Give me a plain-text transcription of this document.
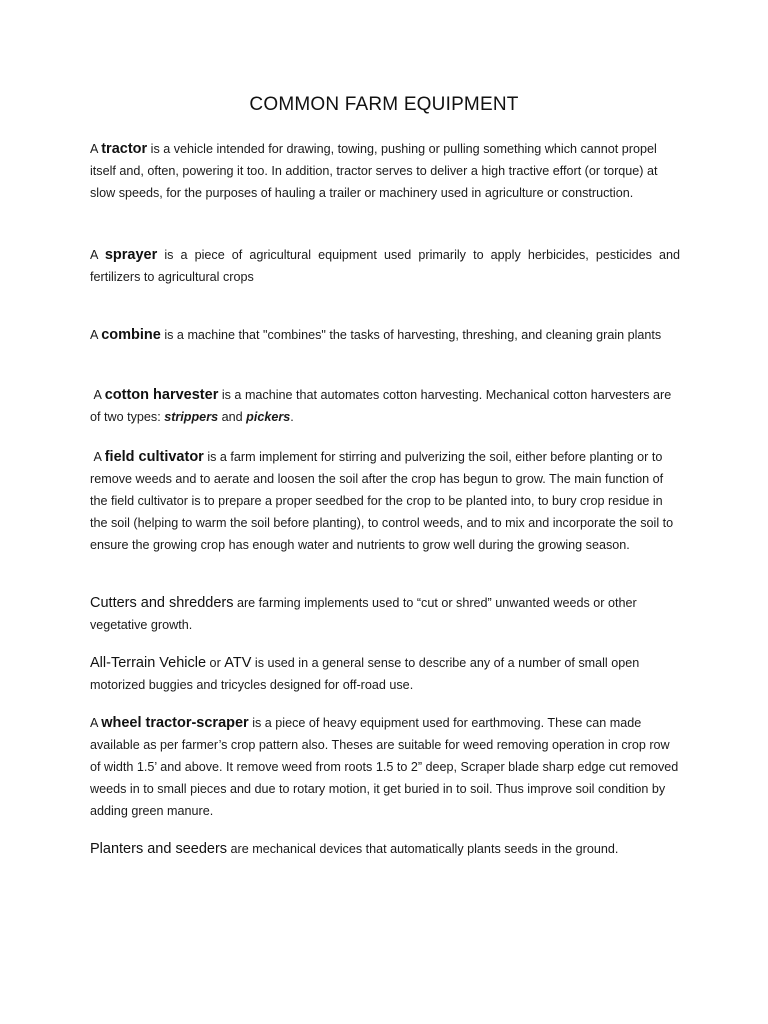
COMMON FARM EQUIPMENT
A tractor is a vehicle intended for drawing, towing, pushing or pulling something which cannot propel itself and, often, powering it too. In addition, tractor serves to deliver a high tractive effort (or torque) at slow speeds, for the purposes of hauling a trailer or machinery used in agriculture or construction.
A sprayer is a piece of agricultural equipment used primarily to apply herbicides, pesticides and fertilizers to agricultural crops
A combine is a machine that "combines" the tasks of harvesting, threshing, and cleaning grain plants
A cotton harvester is a machine that automates cotton harvesting. Mechanical cotton harvesters are of two types: strippers and pickers.
A field cultivator is a farm implement for stirring and pulverizing the soil, either before planting or to remove weeds and to aerate and loosen the soil after the crop has begun to grow. The main function of the field cultivator is to prepare a proper seedbed for the crop to be planted into, to bury crop residue in the soil (helping to warm the soil before planting), to control weeds, and to mix and incorporate the soil to ensure the growing crop has enough water and nutrients to grow well during the growing season.
Cutters and shredders are farming implements used to “cut or shred” unwanted weeds or other vegetative growth.
All-Terrain Vehicle or ATV is used in a general sense to describe any of a number of small open motorized buggies and tricycles designed for off-road use.
A wheel tractor-scraper is a piece of heavy equipment used for earthmoving. These can made available as per farmer’s crop pattern also. Theses are suitable for weed removing operation in crop row of width 1.5’ and above. It remove weed from roots 1.5 to 2” deep, Scraper blade sharp edge cut removed weeds in to small pieces and due to rotary motion, it get buried in to soil. Thus improve soil condition by adding green manure.
Planters and seeders are mechanical devices that automatically plants seeds in the ground.
